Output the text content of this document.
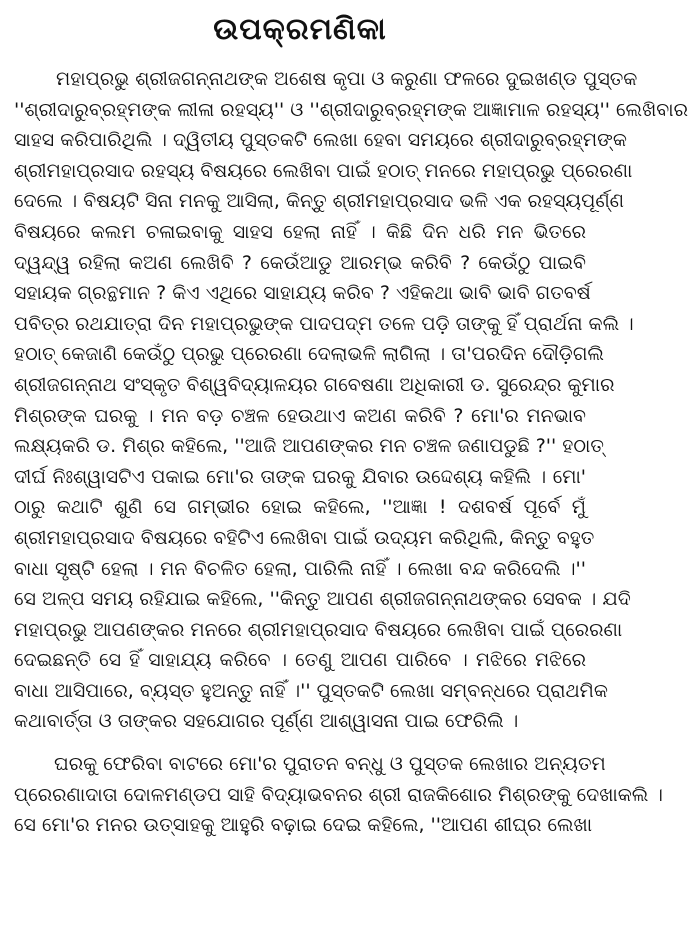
ଉପକ୍ରମଣିକା
ମହାପ୍ରଭୁ ଶ୍ରୀଜଗନ୍ନାଥଙ୍କ ଅଶେଷ କୃପା ଓ କରୁଣା ଫଳରେ ଦୁଇଖଣ୍ଡ ପୁସ୍ତକ
''ଶ୍ରୀଦାରୁବ୍ରହ୍ମଙ୍କ ଲୀଳା ରହସ୍ୟ'' ଓ ''ଶ୍ରୀଦାରୁବ୍ରହ୍ମଙ୍କ ଆଜ୍ଞାମାଳ ରହସ୍ୟ'' ଲେଖିବାର
ସାହସ କରିପାରିଥିଲି । ଦ୍ୱିତୀୟ ପୁସ୍ତକଟି ଲେଖା ହେବା ସମୟରେ ଶ୍ରୀଦାରୁବ୍ରହ୍ମଙ୍କ
ଶ୍ରୀମହାପ୍ରସାଦ ରହସ୍ୟ ବିଷୟରେ ଲେଖିବା ପାଇଁ ହଠାତ୍ ମନରେ ମହାପ୍ରଭୁ ପ୍ରେରଣା
ଦେଲେ । ବିଷୟଟି ସିନା ମନକୁ ଆସିଲା, କିନ୍ତୁ ଶ୍ରୀମହାପ୍ରସାଦ ଭଳି ଏକ ରହସ୍ୟପୂର୍ଣ୍ଣ
ବିଷୟରେ କଲମ ଚଳାଇବାକୁ ସାହସ ହେଲା ନାହିଁ । କିଛି ଦିନ ଧରି ମନ ଭିତରେ
ଦ୍ୱନ୍ଦ୍ୱ ରହିଲା କଅଣ ଲେଖିବି ? କେଉଁଆଡୁ ଆରମ୍ଭ କରିବି ? କେଉଁଠୁ ପାଇବି
ସହାୟକ ଗ୍ରନ୍ଥମାନ ? କିଏ ଏଥିରେ ସାହାଯ୍ୟ କରିବ ? ଏହିକଥା ଭାବି ଭାବି ଗତବର୍ଷ
ପବିତ୍ର ରଥଯାତ୍ରା ଦିନ ମହାପ୍ରଭୁଙ୍କ ପାଦପଦ୍ମ ତଳେ ପଡ଼ି ତାଙ୍କୁ ହିଁ ପ୍ରାର୍ଥନା କଲି ।
ହଠାତ୍ କେଜାଣି କେଉଁଠୁ ପ୍ରଭୁ ପ୍ରେରଣା ଦେଲାଭଳି ଲାଗିଲା । ତା'ପରଦିନ ଦୌଡ଼ିଗଲି
ଶ୍ରୀଜଗନ୍ନାଥ ସଂସ୍କୃତ ବିଶ୍ୱବିଦ୍ୟାଳୟର ଗବେଷଣା ଅଧିକାରୀ ଡ. ସୁରେନ୍ଦ୍ର କୁମାର
ମିଶ୍ରଙ୍କ ଘରକୁ । ମନ ବଡ଼ ଚଞ୍ଚଳ ହେଉଥାଏ କଅଣ କରିବି ? ମୋ'ର ମନଭାବ
ଲକ୍ଷ୍ୟକରି ଡ. ମିଶ୍ର କହିଲେ, ''ଆଜି ଆପଣଙ୍କର ମନ ଚଞ୍ଚଳ ଜଣାପଡୁଛି ?'' ହଠାତ୍
ଦୀର୍ଘ ନିଃଶ୍ୱାସଟିଏ ପକାଇ ମୋ'ର ତାଙ୍କ ଘରକୁ ଯିବାର ଉଦ୍ଦେଶ୍ୟ କହିଲି । ମୋ'
ଠାରୁ କଥାଟି ଶୁଣି ସେ ଗମ୍ଭୀର ହୋଇ କହିଲେ, ''ଆଜ୍ଞା ! ଦଶବର୍ଷ ପୂର୍ବେ ମୁଁ
ଶ୍ରୀମହାପ୍ରସାଦ ବିଷୟରେ ବହିଟିଏ ଲେଖିବା ପାଇଁ ଉଦ୍ୟମ କରିଥିଲି, କିନ୍ତୁ ବହୁତ
ବାଧା ସୃଷ୍ଟି ହେଲା । ମନ ବିଚଳିତ ହେଲା, ପାରିଲି ନାହିଁ । ଲେଖା ବନ୍ଦ କରିଦେଲି ।''
ସେ ଅଳ୍ପ ସମୟ ରହିଯାଇ କହିଲେ, ''କିନ୍ତୁ ଆପଣ ଶ୍ରୀଜଗନ୍ନାଥଙ୍କର ସେବକ । ଯଦି
ମହାପ୍ରଭୁ ଆପଣଙ୍କର ମନରେ ଶ୍ରୀମହାପ୍ରସାଦ ବିଷୟରେ ଲେଖିବା ପାଇଁ ପ୍ରେରଣା
ଦେଇଛନ୍ତି ସେ ହିଁ ସାହାଯ୍ୟ କରିବେ । ତେଣୁ ଆପଣ ପାରିବେ । ମଝିରେ ମଝିରେ
ବାଧା ଆସିପାରେ, ବ୍ୟସ୍ତ ହୁଅନ୍ତୁ ନାହିଁ ।'' ପୁସ୍ତକଟି ଲେଖା ସମ୍ବନ୍ଧରେ ପ୍ରାଥମିକ
କଥାବାର୍ତ୍ତା ଓ ତାଙ୍କର ସହଯୋଗର ପୂର୍ଣ୍ଣ ଆଶ୍ୱାସନା ପାଇ ଫେରିଲି ।
ଘରକୁ ଫେରିବା ବାଟରେ ମୋ'ର ପୁରାତନ ବନ୍ଧୁ ଓ ପୁସ୍ତକ ଲେଖାର ଅନ୍ୟତମ
ପ୍ରେରଣାଦାତା ଦୋଳମଣ୍ଡପ ସାହି ବିଦ୍ୟାଭବନର ଶ୍ରୀ ରାଜକିଶୋର ମିଶ୍ରଙ୍କୁ ଦେଖାକଲି ।
ସେ ମୋ'ର ମନର ଉତ୍ସାହକୁ ଆହୁରି ବଢ଼ାଇ ଦେଇ କହିଲେ, ''ଆପଣ ଶୀଘ୍ର ଲେଖା
